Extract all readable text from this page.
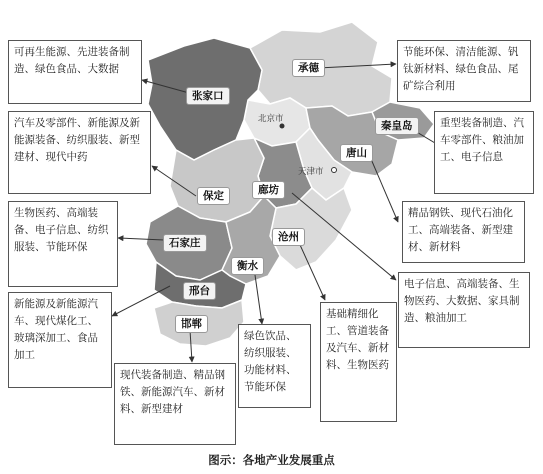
张家口
承德
秦皇岛
唐山
保定	廊坊
石家庄	沧州
衡水
邢台
邯郸
北京市
天津市
可再生能源、先进装备制造、绿色食品、大数据
节能环保、清洁能源、钒钛新材料、绿色食品、尾矿综合利用
汽车及零部件、新能源及新能源装备、纺织服装、新型建材、现代中药
重型装备制造、汽车零部件、粮油加工、电子信息
生物医药、高端装备、电子信息、纺织服装、节能环保
精品钢铁、现代石油化工、高端装备、新型建材、新材料
新能源及新能源汽车、现代煤化工、玻璃深加工、食品加工
电子信息、高端装备、生物医药、大数据、家具制造、粮油加工
基础精细化工、管道装备及汽车、新材料、生物医药
绿色饮品、纺织服装、功能材料、节能环保
现代装备制造、精品钢铁、新能源汽车、新材料、新型建材
图示：各地产业发展重点
